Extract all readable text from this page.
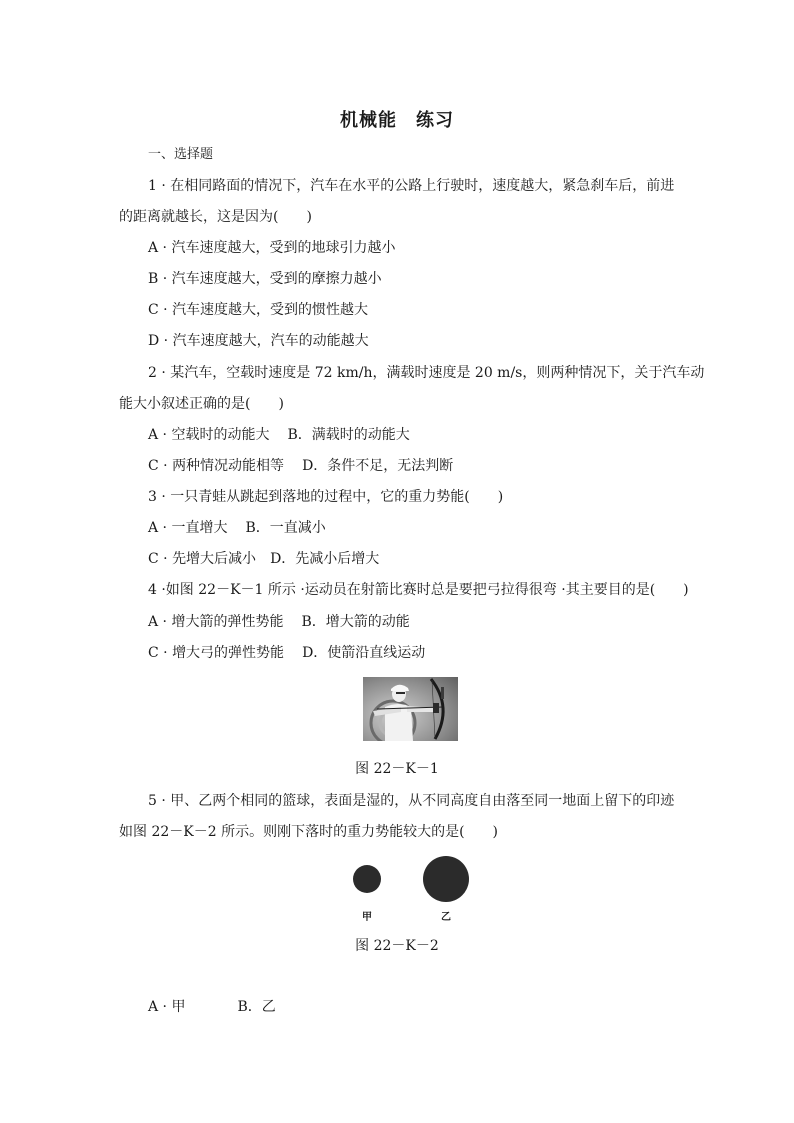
机械能　练习
一、选择题
1 · 在相同路面的情况下，汽车在水平的公路上行驶时，速度越大，紧急刹车后，前进
的距离就越长，这是因为(　　)
A · 汽车速度越大，受到的地球引力越小
B · 汽车速度越大，受到的摩擦力越小
C · 汽车速度越大，受到的惯性越大
D · 汽车速度越大，汽车的动能越大
2 · 某汽车，空载时速度是 72 km/h，满载时速度是 20 m/s，则两种情况下，关于汽车动
能大小叙述正确的是(　　)
A · 空载时的动能大 B．满载时的动能大
C · 两种情况动能相等 D．条件不足，无法判断
3 · 一只青蛙从跳起到落地的过程中，它的重力势能(　　)
A · 一直增大 B．一直减小
C · 先增大后减小 D．先减小后增大
4 ·如图 22－K－1 所示 ·运动员在射箭比赛时总是要把弓拉得很弯 ·其主要目的是(　　)
A · 增大箭的弹性势能 B．增大箭的动能
C · 增大弓的弹性势能 D．使箭沿直线运动
图 22－K－1
5 · 甲、乙两个相同的篮球，表面是湿的，从不同高度自由落至同一地面上留下的印迹
如图 22－K－2 所示。则刚下落时的重力势能较大的是(　　)
甲	乙
图 22－K－2
A · 甲	B．乙
